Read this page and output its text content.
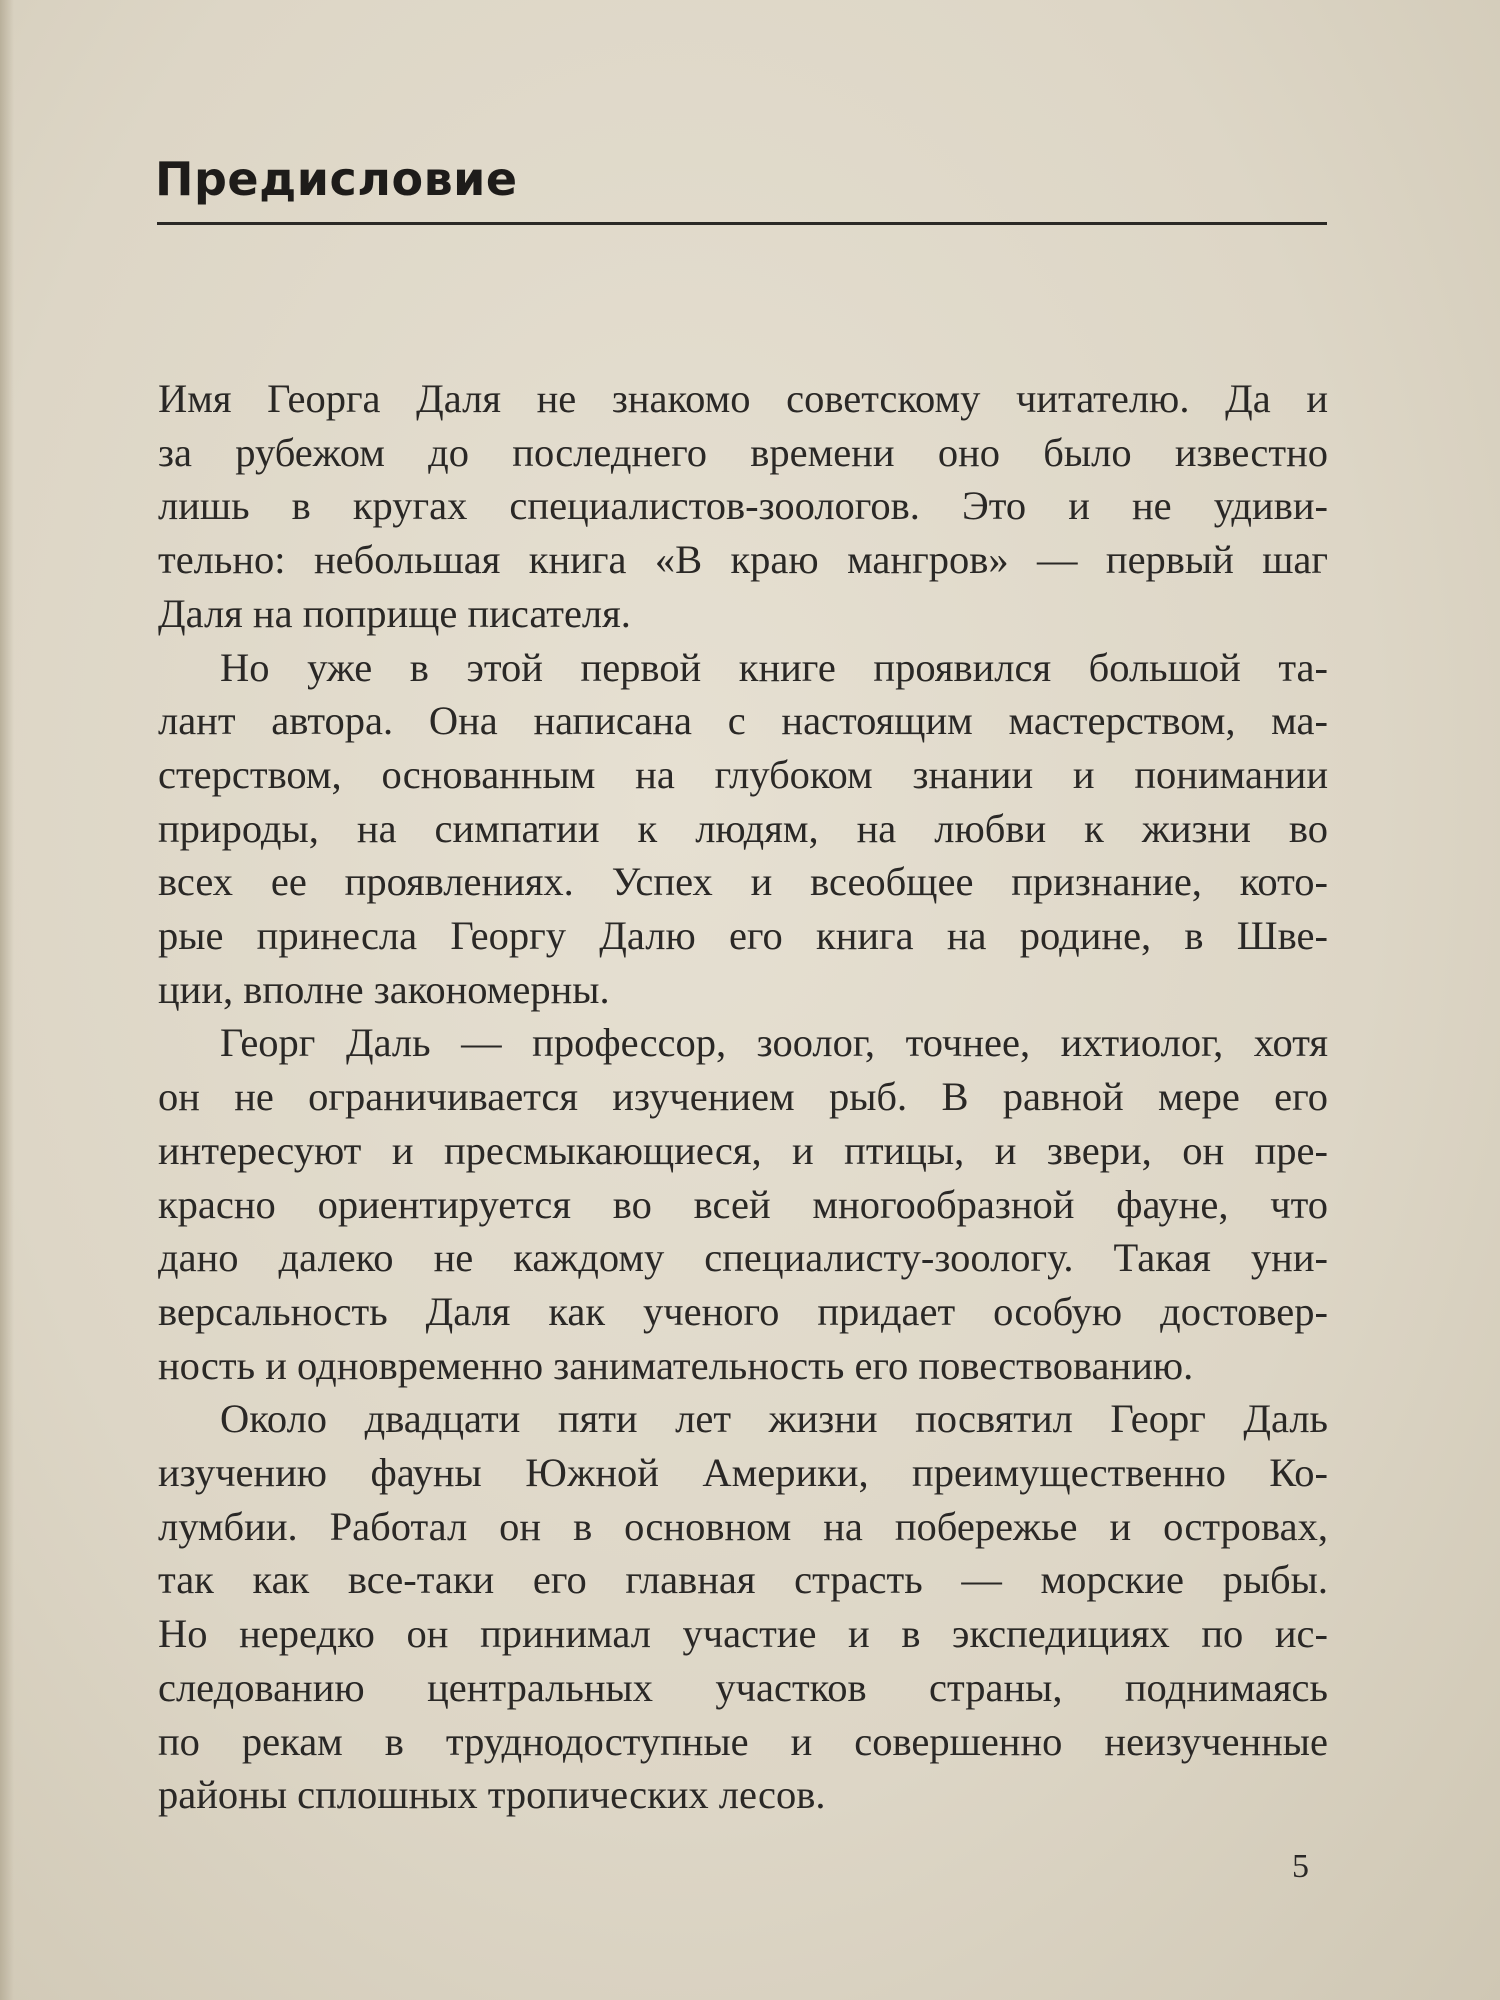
Предисловие
Имя Георга Даля не знакомо советскому читателю. Да и
за рубежом до последнего времени оно было известно
лишь в кругах специалистов-зоологов. Это и не удиви-
тельно: небольшая книга «В краю мангров» — первый шаг
Даля на поприще писателя.
Но уже в этой первой книге проявился большой та-
лант автора. Она написана с настоящим мастерством, ма-
стерством, основанным на глубоком знании и понимании
природы, на симпатии к людям, на любви к жизни во
всех ее проявлениях. Успех и всеобщее признание, кото-
рые принесла Георгу Далю его книга на родине, в Шве-
ции, вполне закономерны.
Георг Даль — профессор, зоолог, точнее, ихтиолог, хотя
он не ограничивается изучением рыб. В равной мере его
интересуют и пресмыкающиеся, и птицы, и звери, он пре-
красно ориентируется во всей многообразной фауне, что
дано далеко не каждому специалисту-зоологу. Такая уни-
версальность Даля как ученого придает особую достовер-
ность и одновременно занимательность его повествованию.
Около двадцати пяти лет жизни посвятил Георг Даль
изучению фауны Южной Америки, преимущественно Ко-
лумбии. Работал он в основном на побережье и островах,
так как все-таки его главная страсть — морские рыбы.
Но нередко он принимал участие и в экспедициях по ис-
следованию центральных участков страны, поднимаясь
по рекам в труднодоступные и совершенно неизученные
районы сплошных тропических лесов.
5
